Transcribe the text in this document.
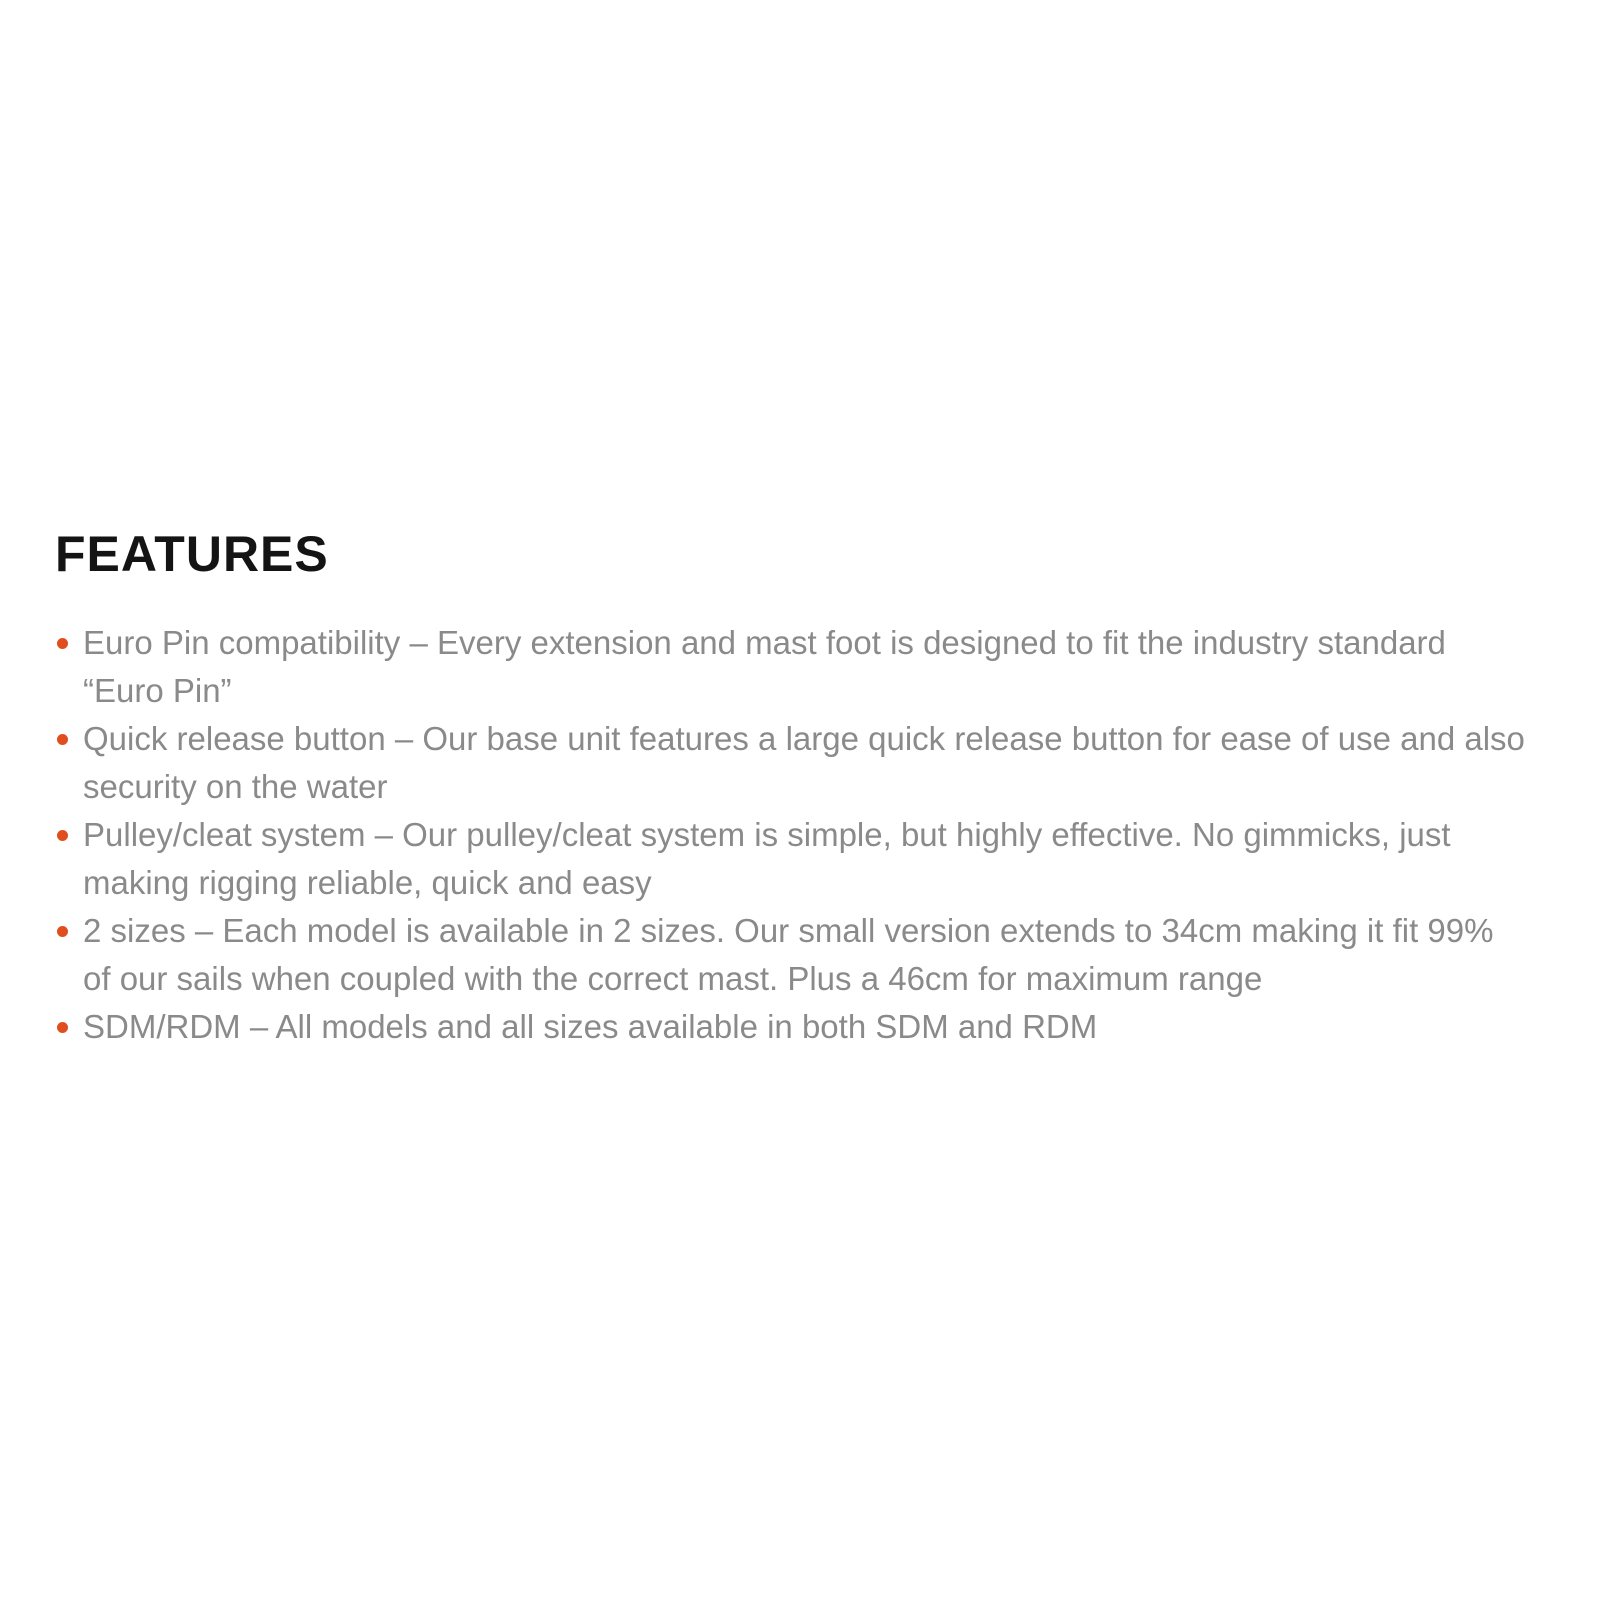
FEATURES
Euro Pin compatibility – Every extension and mast foot is designed to fit the industry standard “Euro Pin”
Quick release button – Our base unit features a large quick release button for ease of use and also security on the water
Pulley/cleat system – Our pulley/cleat system is simple, but highly effective. No gimmicks, just making rigging reliable, quick and easy
2 sizes – Each model is available in 2 sizes. Our small version extends to 34cm making it fit 99% of our sails when coupled with the correct mast. Plus a 46cm for maximum range
SDM/RDM – All models and all sizes available in both SDM and RDM
